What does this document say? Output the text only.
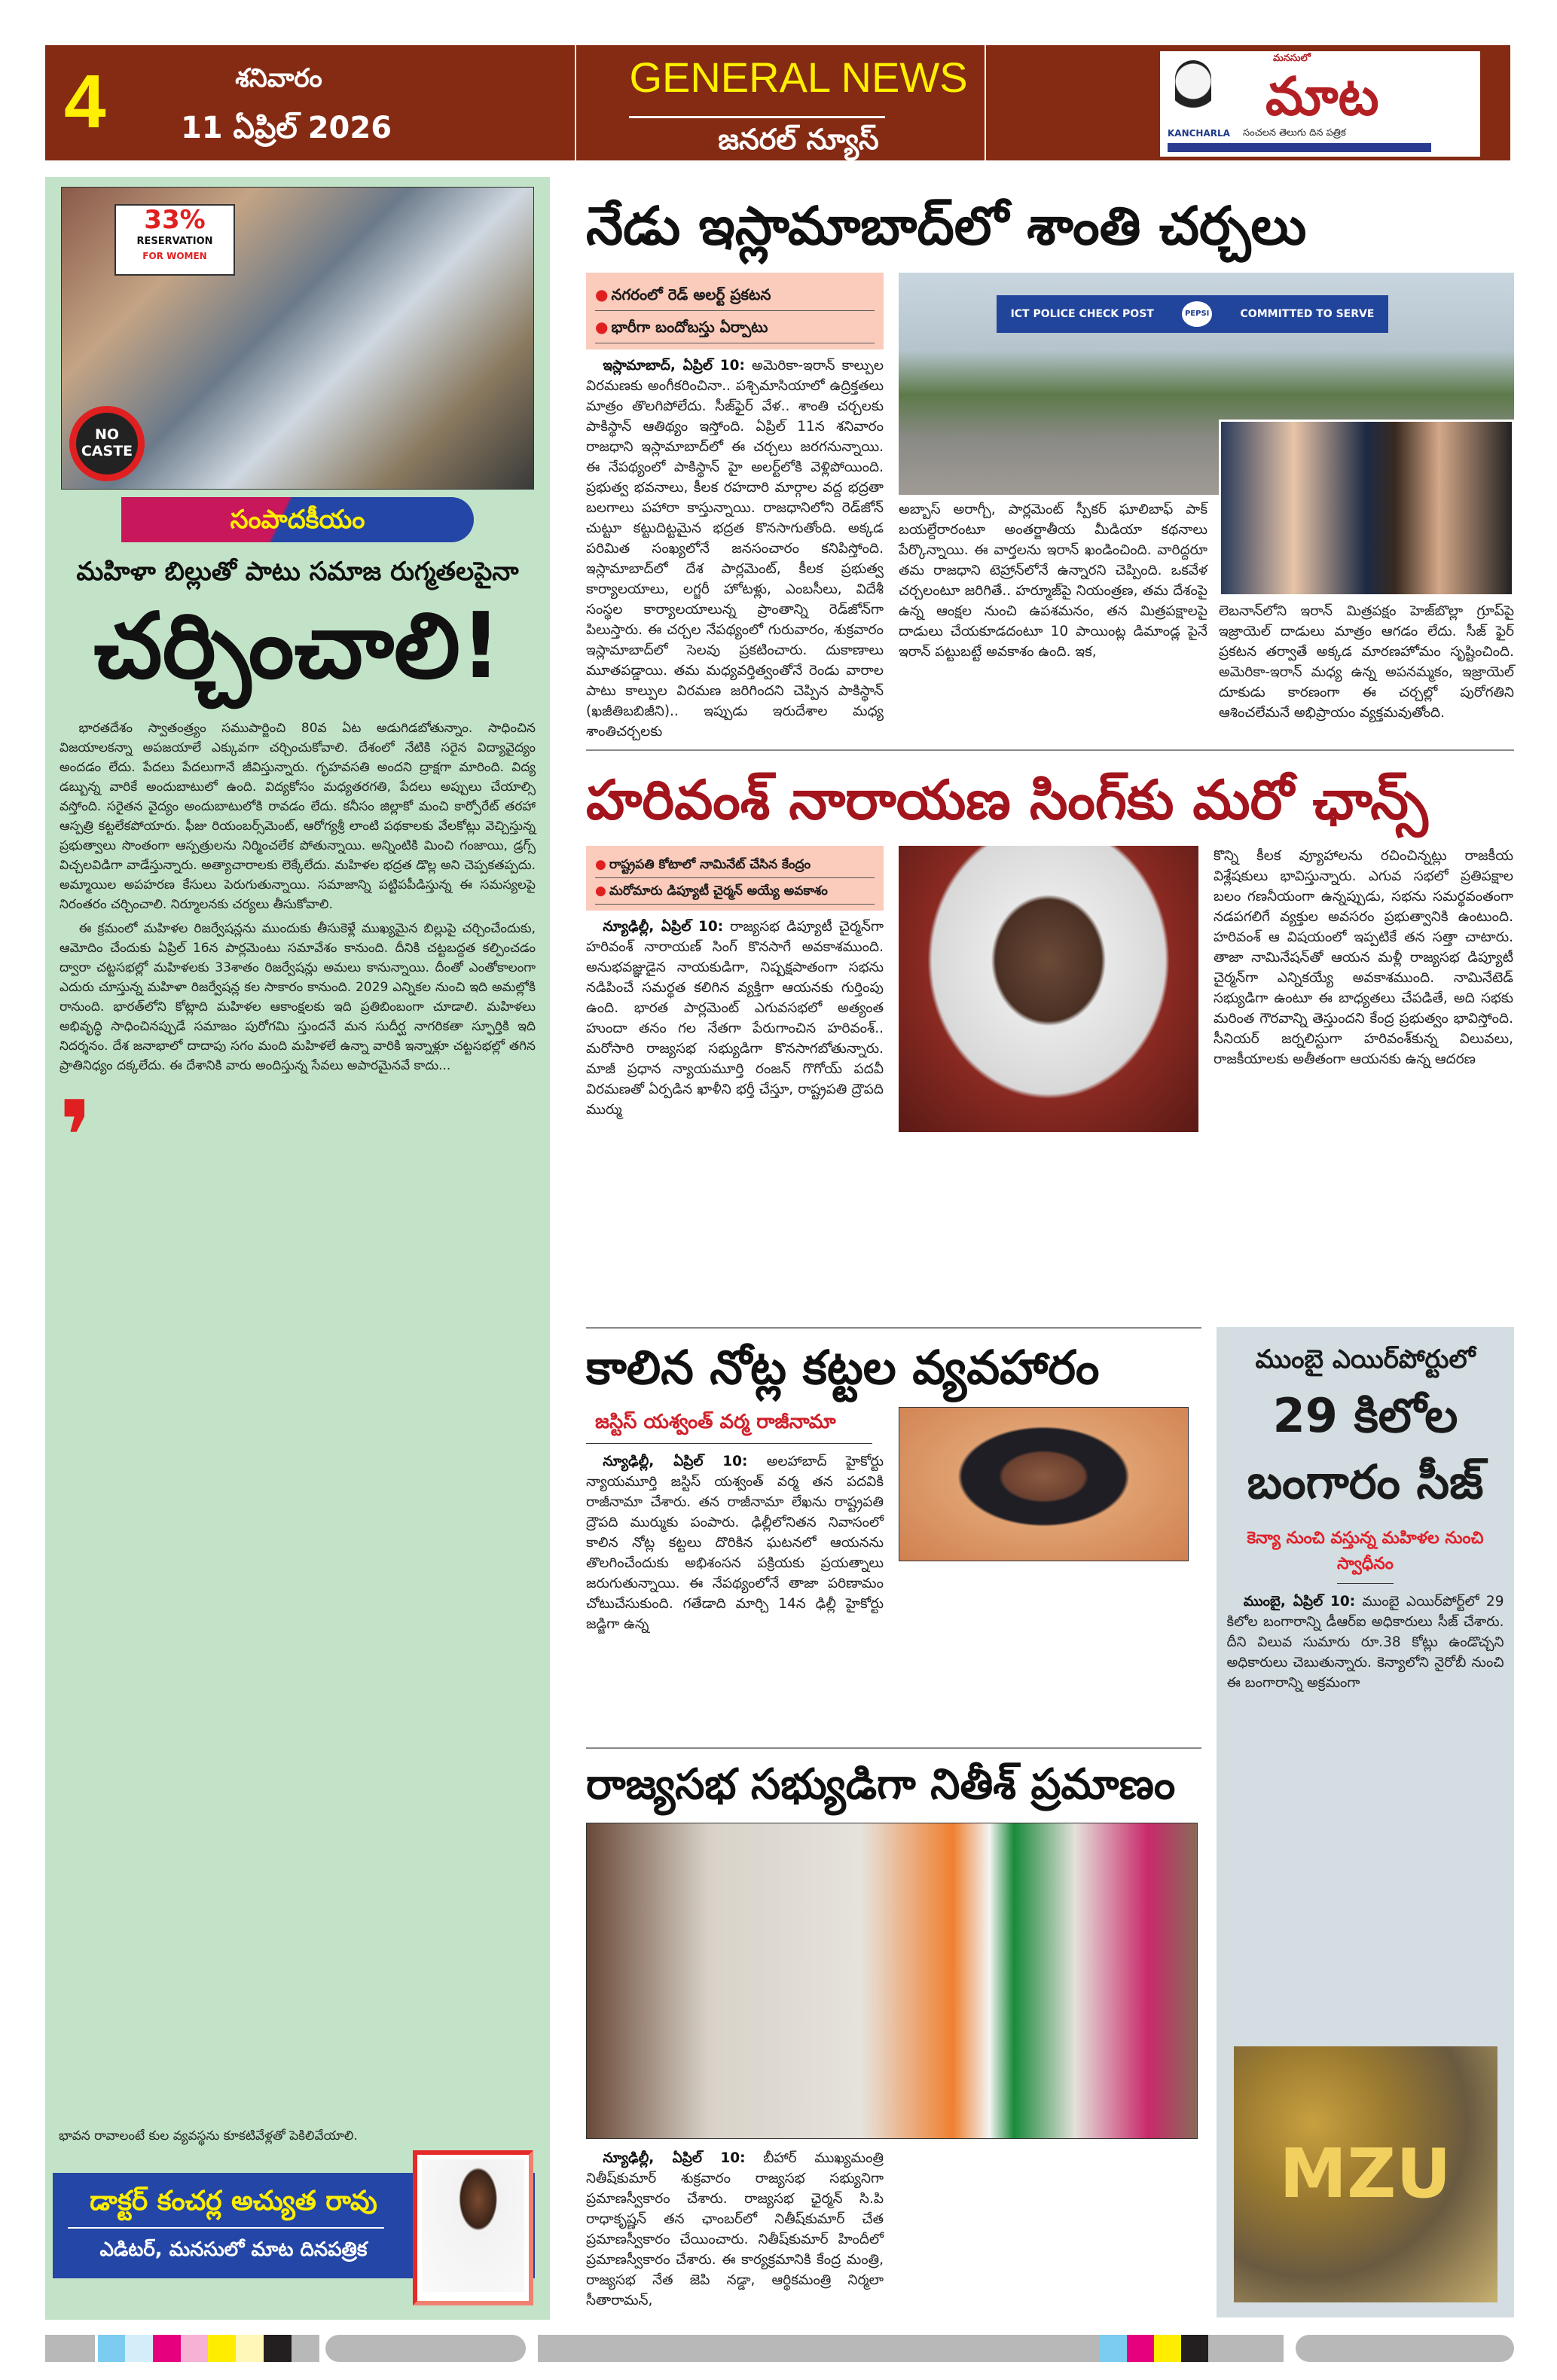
4	శనివారం
11 ఏప్రిల్ 2026
GENERAL NEWS
జనరల్ న్యూస్
మనసులో
మాట
KANCHARLA సంచలన తెలుగు దిన పత్రిక
33%
RESERVATION
FOR WOMEN
NO CASTE
సంపాదకీయం
మహిళా బిల్లుతో పాటు సమాజ రుగ్మతలపైనా
చర్చించాలి!

భారతదేశం స్వాతంత్ర్యం సముపార్జించి 80వ ఏట అడుగిడబోతున్నాం. సాధించిన విజయాలకన్నా అపజయాలే ఎక్కువగా చర్చించుకోవాలి. దేశంలో నేటికి సరైన విద్యావైద్యం అందడం లేదు. పేదలు పేదలుగానే జీవిస్తున్నారు. గృహవసతి అందని ద్రాక్షగా మారింది. విద్య డబ్బున్న వారికే అందుబాటులో ఉంది. విద్యకోసం మధ్యతరగతి, పేదలు అప్పులు చేయాల్సి వస్తోంది. సరైతన వైద్యం అందుబాటులోకి రావడం లేదు. కనీసం జిల్లాకో మంచి కార్పోరేట్ తరహా ఆస్పత్రి కట్టలేకపోయారు. ఫీజు రియంబర్స్‌మెంట్, ఆరోగ్యశ్రీ లాంటి పథకాలకు వేలకోట్లు వెచ్చిస్తున్న ప్రభుత్వాలు సొంతంగా ఆస్పత్రులను నిర్మించలేక పోతున్నాయి. అన్నింటికి మించి గంజాయి, డ్రగ్స్ విచ్చలవిడిగా వాడేస్తున్నారు. అత్యాచారాలకు లెక్కేలేదు. మహిళల భద్రత డొల్ల అని చెప్పకతప్పదు. అమ్మాయిల అపహరణ కేసులు పెరుగుతున్నాయి. సమాజాన్ని పట్టిపపీడిస్తున్న ఈ సమస్యలపై నిరంతరం చర్చించాలి. నిర్మూలనకు చర్యలు తీసుకోవాలి.

ఈ క్రమంలో మహిళల రిజర్వేషన్లను ముందుకు తీసుకెళ్లే ముఖ్యమైన బిల్లుపై చర్చించేందుకు, ఆమోదిం చేందుకు ఏప్రిల్ 16న పార్లమెంటు సమావేశం కానుంది. దీనికి చట్టబద్దత కల్పించడం ద్వారా చట్టసభల్లో మహిళలకు 33శాతం రిజర్వేషన్లు అమలు కానున్నాయి. దీంతో ఎంతోకాలంగా ఎదురు చూస్తున్న మహిళా రిజర్వేషన్ల కల సాకారం కానుంది. 2029 ఎన్నికల నుంచి ఇది అమల్లోకి రానుంది. భారత్‌లోని కోట్లాది మహిళల ఆకాంక్షలకు ఇది ప్రతిబింబంగా చూడాలి. మహిళలు అభివృద్ధి సాధించినప్పుడే సమాజం పురోగమి స్తుందనే మన సుదీర్ఘ నాగరికతా స్ఫూర్తికి ఇది నిదర్శనం. దేశ జనాభాలో దాదాపు సగం మంది మహిళలే ఉన్నా వారికి ఇన్నాళ్లూ చట్టసభల్లో తగిన ప్రాతినిధ్యం దక్కలేదు. ఈ దేశానికి వారు అందిస్తున్న సేవలు అపారమైనవే కాదు...

❜
భావన రావాలంటే కుల వ్యవస్థను కూకటివేళ్లతో పెకిలివేయాలి.
డాక్టర్ కంచర్ల అచ్యుత రావు
ఎడిటర్, మనసులో మాట దినపత్రిక
నేడు ఇస్లామాబాద్‌లో శాంతి చర్చలు
● నగరంలో రెడ్ అలర్ట్ ప్రకటన
● భారీగా బందోబస్తు ఏర్పాటు

ఇస్లామాబాద్, ఏప్రిల్ 10: అమెరికా-ఇరాన్ కాల్పుల విరమణకు అంగీకరించినా.. పశ్చిమాసియాలో ఉద్రిక్తతలు మాత్రం తొలగిపోలేదు. సీజ్‌ఫైర్ వేళ.. శాంతి చర్చలకు పాకిస్థాన్ ఆతిథ్యం ఇస్తోంది. ఏప్రిల్ 11న శనివారం రాజధాని ఇస్లామాబాద్‌లో ఈ చర్చలు జరగనున్నాయి. ఈ నేపథ్యంలో పాకిస్థాన్ హై అలర్ట్‌లోకి వెళ్లిపోయింది. ప్రభుత్వ భవనాలు, కీలక రహదారి మార్గాల వద్ద భద్రతా బలగాలు పహారా కాస్తున్నాయి. రాజధానిలోని రెడ్‌జోన్ చుట్టూ కట్టుదిట్టమైన భద్రత కొనసాగుతోంది. అక్కడ పరిమిత సంఖ్యలోనే జనసంచారం కనిపిస్తోంది. ఇస్లామాబాద్‌లో దేశ పార్లమెంట్, కీలక ప్రభుత్వ కార్యాలయాలు, లగ్జరీ హోటళ్లు, ఎంబసీలు, విదేశీ సంస్థల కార్యాలయాలున్న ప్రాంతాన్ని రెడ్‌జోన్‌గా పిలుస్తారు. ఈ చర్చల నేపథ్యంలో గురువారం, శుక్రవారం ఇస్లామాబాద్‌లో సెలవు ప్రకటించారు. దుకాణాలు మూతపడ్డాయి. తమ మధ్యవర్తిత్వంతోనే రెండు వారాల పాటు కాల్పుల విరమణ జరిగిందని చెప్పిన పాకిస్థాన్ (ఖజీతిబబిజీని).. ఇప్పుడు ఇరుదేశాల మధ్య శాంతిచర్చలకు

ICT POLICE CHECK POST	PEPSI	COMMITTED TO SERVE
అబ్బాస్ అరాగ్చీ, పార్లమెంట్ స్పీకర్ ఘాలిబాఫ్ పాక్ బయల్దేరారంటూ అంతర్జాతీయ మీడియా కథనాలు పేర్కొన్నాయి. ఈ వార్తలను ఇరాన్ ఖండించింది. వారిద్దరూ తమ రాజధాని టెహ్రాన్‌లోనే ఉన్నారని చెప్పింది. ఒకవేళ చర్చలంటూ జరిగితే.. హర్మూజ్‌పై నియంత్రణ, తమ దేశంపై ఉన్న ఆంక్షల నుంచి ఉపశమనం, తన మిత్రపక్షాలపై దాడులు చేయకూడదంటూ 10 పాయింట్ల డిమాండ్ల పైనే ఇరాన్ పట్టుబట్టే అవకాశం ఉంది. ఇక,
లెబనాన్‌లోని ఇరాన్ మిత్రపక్షం హెజ్‌బొల్లా గ్రూప్‌పై ఇజ్రాయెల్ దాడులు మాత్రం ఆగడం లేదు. సీజ్ ఫైర్ ప్రకటన తర్వాతే అక్కడ మారణహోమం సృష్టించింది. అమెరికా-ఇరాన్ మధ్య ఉన్న అపనమ్మకం, ఇజ్రాయెల్ దూకుడు కారణంగా ఈ చర్చల్లో పురోగతిని ఆశించలేమనే అభిప్రాయం వ్యక్తమవుతోంది.
హరివంశ్ నారాయణ సింగ్‌కు మరో ఛాన్స్
● రాష్ట్రపతి కోటాలో నామినేట్ చేసిన కేంద్రం
● మరోమారు డిప్యూటీ చైర్మన్ అయ్యే అవకాశం

న్యూఢిల్లీ, ఏప్రిల్ 10: రాజ్యసభ డిప్యూటీ చైర్మన్‌గా హరివంశ్ నారాయణ్ సింగ్ కొనసాగే అవకాశముంది. అనుభవజ్ఞుడైన నాయకుడిగా, నిష్పక్షపాతంగా సభను నడిపించే సమర్థత కలిగిన వ్యక్తిగా ఆయనకు గుర్తింపు ఉంది. భారత పార్లమెంట్ ఎగువసభలో అత్యంత హుందా తనం గల నేతగా పేరుగాంచిన హరివంశ్.. మరోసారి రాజ్యసభ సభ్యుడిగా కొనసాగబోతున్నారు. మాజీ ప్రధాన న్యాయమూర్తి రంజన్ గొగోయ్ పదవీ విరమణతో ఏర్పడిన ఖాళీని భర్తీ చేస్తూ, రాష్ట్రపతి ద్రౌపది ముర్ము

కొన్ని కీలక వ్యూహాలను రచించిన్నట్లు రాజకీయ విశ్లేషకులు భావిస్తున్నారు. ఎగువ సభలో ప్రతిపక్షాల బలం గణనీయంగా ఉన్నప్పుడు, సభను సమర్థవంతంగా నడపగలిగే వ్యక్తుల అవసరం ప్రభుత్వానికి ఉంటుంది. హరివంశ్ ఆ విషయంలో ఇప్పటికే తన సత్తా చాటారు. తాజా నామినేషన్‌తో ఆయన మళ్లీ రాజ్యసభ డిప్యూటీ చైర్మన్‌గా ఎన్నికయ్యే అవకాశముంది. నామినేటెడ్ సభ్యుడిగా ఉంటూ ఈ బాధ్యతలు చేపడితే, అది సభకు మరింత గౌరవాన్ని తెస్తుందని కేంద్ర ప్రభుత్వం భావిస్తోంది. సీనియర్ జర్నలిస్టుగా హరివంశ్‌కున్న విలువలు, రాజకీయాలకు అతీతంగా ఆయనకు ఉన్న ఆదరణ
కాలిన నోట్ల కట్టల వ్యవహారం
జస్టిస్ యశ్వంత్ వర్మ రాజీనామా

న్యూఢిల్లీ, ఏప్రిల్ 10: అలహాబాద్ హైకోర్టు న్యాయమూర్తి జస్టిస్ యశ్వంత్ వర్మ తన పదవికి రాజీనామా చేశారు. తన రాజీనామా లేఖను రాష్ట్రపతి ద్రౌపది ముర్ముకు పంపారు. ఢిల్లీలోనితన నివాసంలో కాలిన నోట్ల కట్టలు దొరికిన ఘటనలో ఆయనను తొలగించేందుకు అభిశంసన పక్రియకు ప్రయత్నాలు జరుగుతున్నాయి. ఈ నేపథ్యంలోనే తాజా పరిణామం చోటుచేసుకుంది. గతేడాది మార్చి 14న ఢిల్లీ హైకోర్టు జడ్జిగా ఉన్న

రాజ్యసభ సభ్యుడిగా నితీశ్ ప్రమాణం

న్యూఢిల్లీ, ఏప్రిల్ 10: బీహార్ ముఖ్యమంత్రి నితీష్‌కుమార్ శుక్రవారం రాజ్యసభ సభ్యునిగా ప్రమాణస్వీకారం చేశారు. రాజ్యసభ ఛైర్మన్ సి.పి రాధాకృష్ణన్ తన ఛాంబర్‌లో నితీష్‌కుమార్ చేత ప్రమాణస్వీకారం చేయించారు. నితీష్‌కుమార్ హిందీలో ప్రమాణస్వీకారం చేశారు. ఈ కార్యక్రమానికి కేంద్ర మంత్రి, రాజ్యసభ నేత జెపి నడ్డా, ఆర్థికమంత్రి నిర్మలా సీతారామన్,

ముంబై ఎయిర్‌పోర్టులో
29 కిలోల బంగారం సీజ్
కెన్యా నుంచి వస్తున్న మహిళల నుంచి స్వాధీనం

ముంబై, ఏప్రిల్ 10: ముంబై ఎయిర్‌పోర్ట్‌లో 29 కిలోల బంగారాన్ని డీఆర్ఐ అధికారులు సీజ్ చేశారు. దీని విలువ సుమారు రూ.38 కోట్లు ఉండొచ్చని అధికారులు చెబుతున్నారు. కెన్యాలోని నైరోబీ నుంచి ఈ బంగారాన్ని అక్రమంగా

MZU
